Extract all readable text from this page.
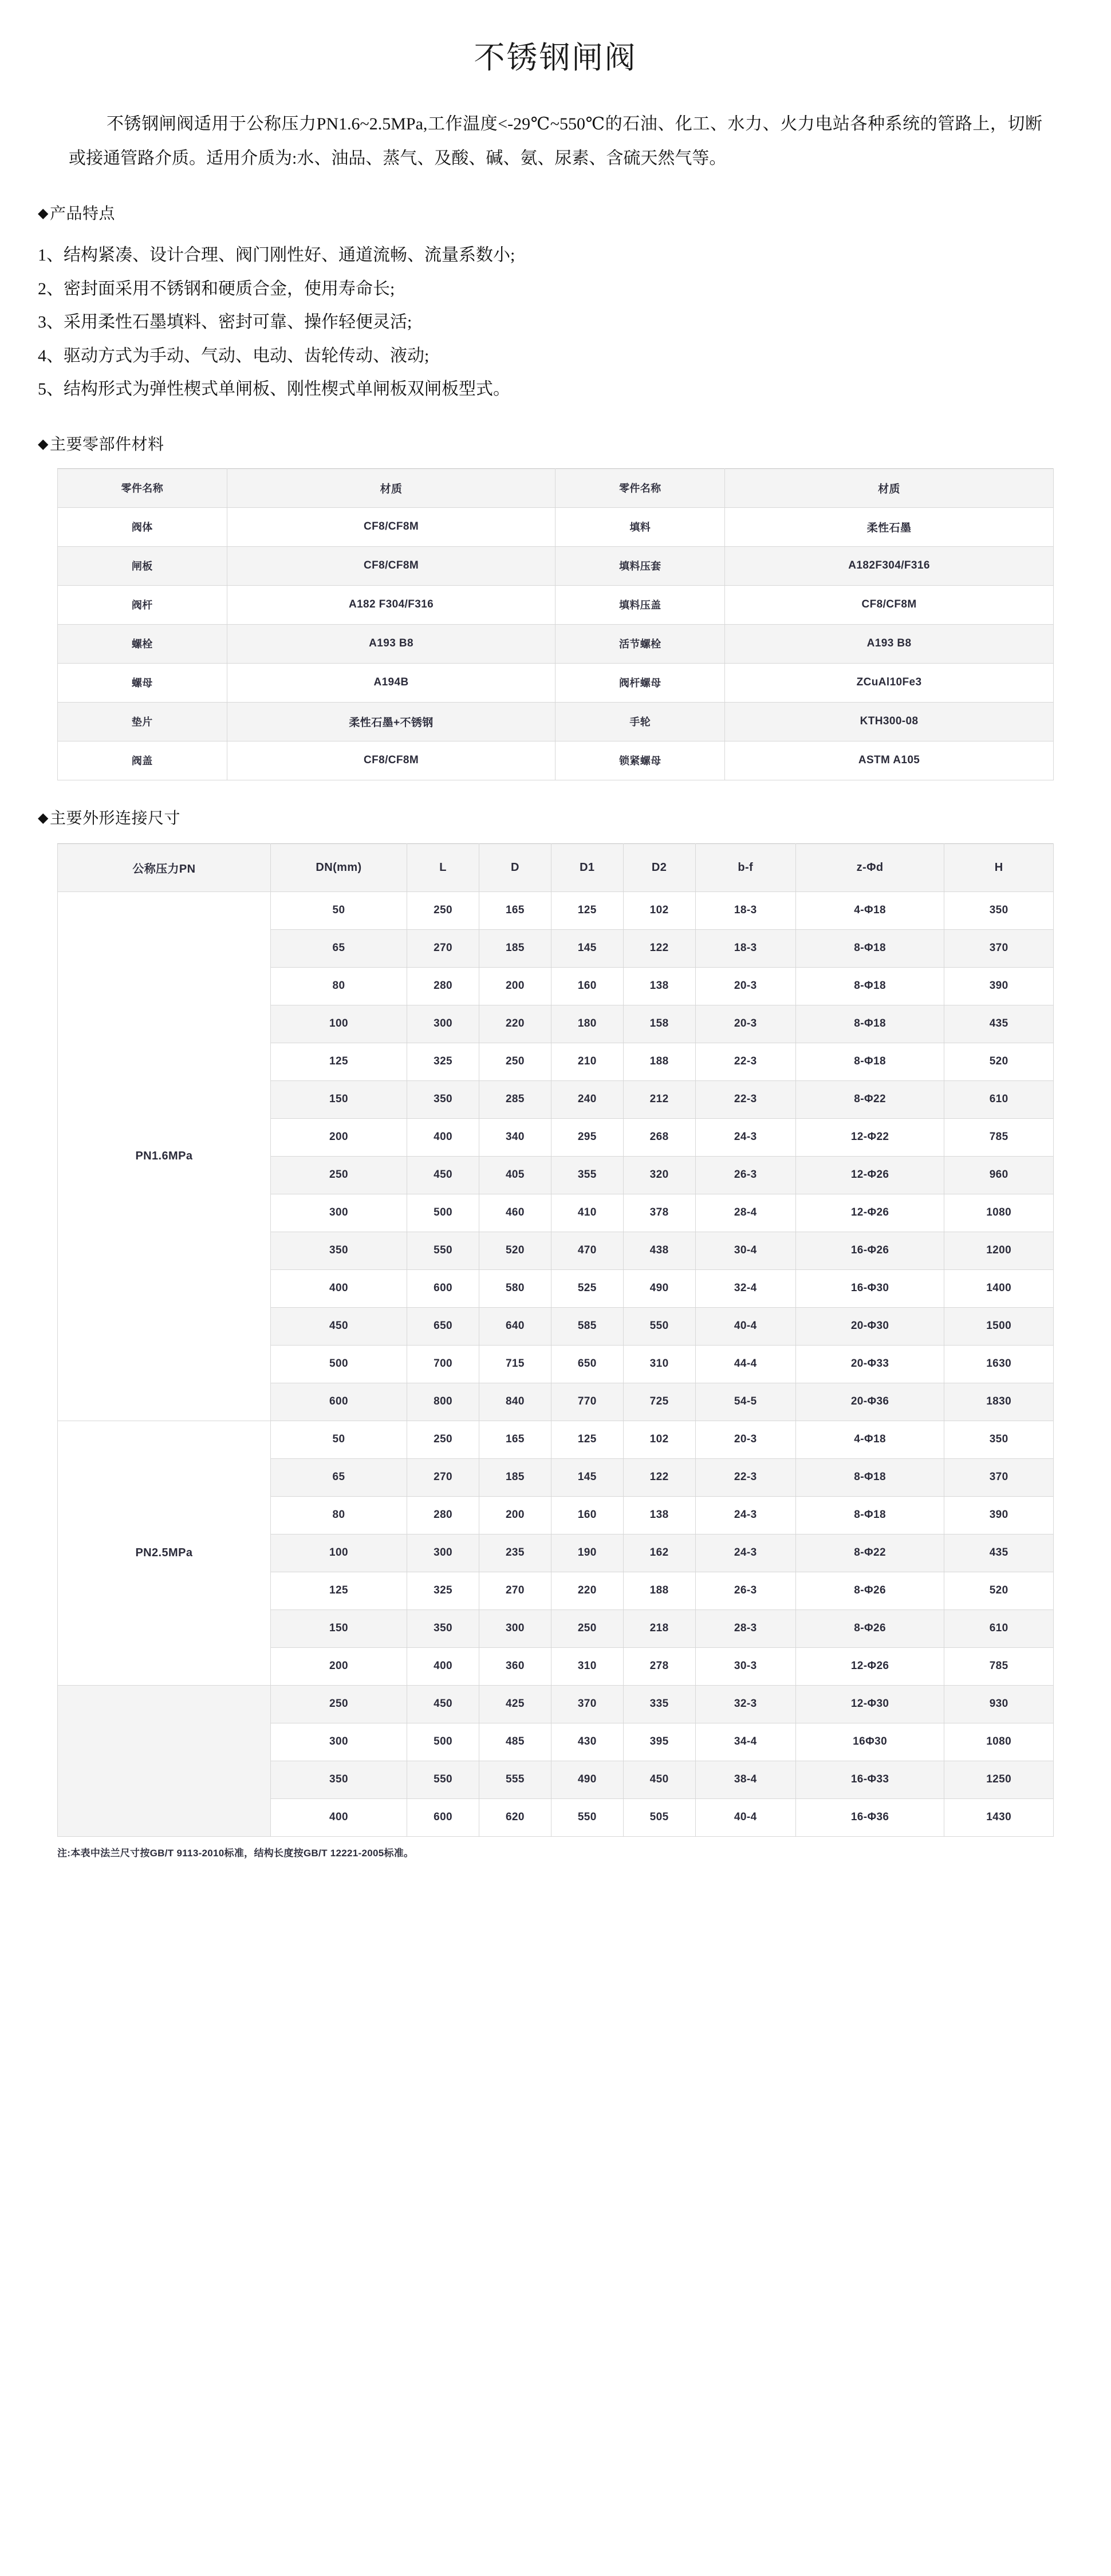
不锈钢闸阀

不锈钢闸阀适用于公称压力PN1.6~2.5MPa,工作温度<-29℃~550℃的石油、化工、水力、火力电站各种系统的管路上，切断或接通管路介质。适用介质为:水、油品、蒸气、及酸、碱、氨、尿素、含硫天然气等。

◆产品特点
1、结构紧凑、设计合理、阀门刚性好、通道流畅、流量系数小;
2、密封面采用不锈钢和硬质合金，使用寿命长;
3、采用柔性石墨填料、密封可靠、操作轻便灵活;
4、驱动方式为手动、气动、电动、齿轮传动、液动;
5、结构形式为弹性楔式单闸板、刚性楔式单闸板双闸板型式。
◆主要零部件材料
零件名称	材质	零件名称	材质
阀体	CF8/CF8M	填料	柔性石墨
闸板	CF8/CF8M	填料压套	A182F304/F316
阀杆	A182 F304/F316	填料压盖	CF8/CF8M
螺栓	A193 B8	活节螺栓	A193 B8
螺母	A194B	阀杆螺母	ZCuAl10Fe3
垫片	柔性石墨+不锈钢	手轮	KTH300-08
阀盖	CF8/CF8M	锁紧螺母	ASTM A105
◆主要外形连接尺寸
公称压力PN	DN(mm)	L	D	D1	D2	b-f	z-Φd	H
PN1.6MPa	50	250	165	125	102	18-3	4-Φ18	350
	65	270	185	145	122	18-3	8-Φ18	370
	80	280	200	160	138	20-3	8-Φ18	390
	100	300	220	180	158	20-3	8-Φ18	435
	125	325	250	210	188	22-3	8-Φ18	520
	150	350	285	240	212	22-3	8-Φ22	610
	200	400	340	295	268	24-3	12-Φ22	785
	250	450	405	355	320	26-3	12-Φ26	960
	300	500	460	410	378	28-4	12-Φ26	1080
	350	550	520	470	438	30-4	16-Φ26	1200
	400	600	580	525	490	32-4	16-Φ30	1400
	450	650	640	585	550	40-4	20-Φ30	1500
	500	700	715	650	310	44-4	20-Φ33	1630
	600	800	840	770	725	54-5	20-Φ36	1830
PN2.5MPa	50	250	165	125	102	20-3	4-Φ18	350
	65	270	185	145	122	22-3	8-Φ18	370
	80	280	200	160	138	24-3	8-Φ18	390
	100	300	235	190	162	24-3	8-Φ22	435
	125	325	270	220	188	26-3	8-Φ26	520
	150	350	300	250	218	28-3	8-Φ26	610
	200	400	360	310	278	30-3	12-Φ26	785
	250	450	425	370	335	32-3	12-Φ30	930
	300	500	485	430	395	34-4	16Φ30	1080
	350	550	555	490	450	38-4	16-Φ33	1250
	400	600	620	550	505	40-4	16-Φ36	1430
注:本表中法兰尺寸按GB/T 9113-2010标准，结构长度按GB/T 12221-2005标准。
